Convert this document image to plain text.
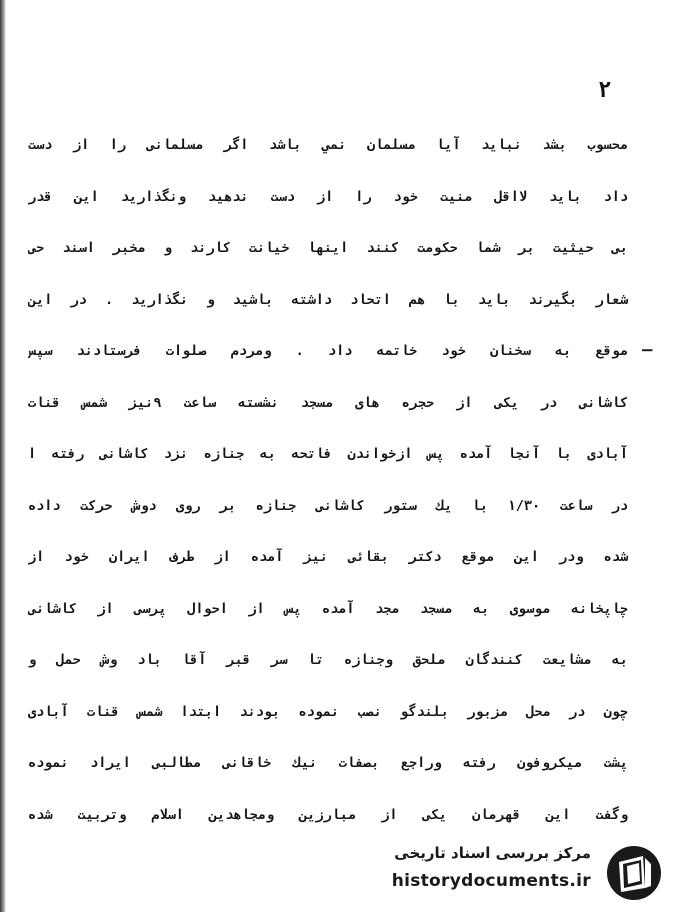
۲
ا
محسوب بشد نبايد آيا مسلمان نمي باشد اگر مسلمانى را از دست
داد بايد لااقل منيت خود را از دست ندهيد ونگذاريد اين قدر
بى حيثيت بر شما حكومت كنند اينها خيانت كارند و مخبر اسند حى
شعار بگيرند بايد با هم اتحاد داشته باشيد و نگذاريد . در اين
موقع به سخنان خود خاتمه داد . ومردم صلوات فرستادند سپس
كاشانى در يكى از حجره هاى مسجد نشسته ساعت ۹نيز شمس قنات
آبادى با آنجا آمده پس ازخواندن فاتحه به جنازه نزد كاشانى رفته ا
در ساعت ۱/۳۰ با يك ستور كاشانى جنازه بر روى دوش حركت داده
شده ودر اين موقع دكتر بقائى نيز آمده از طرف ايران خود از
چاپخانه موسوى به مسجد مجد آمده پس از احوال پرسى از كاشانى
به مشايعت كنندگان ملحق وجنازه تا سر قبر آقا باد وش حمل و
چون در محل مزبور بلندگو نصب نموده بودند ابتدا شمس قنات آبادى
پشت ميكروفون رفته وراجع بصفات نيك خاقانى مطالبى ايراد نموده
وگفت اين قهرمان يكى از مبارزين ومجاهدين اسلام وتربيت شده
مرکز بررسی اسناد تاریخی
historydocuments.ir
